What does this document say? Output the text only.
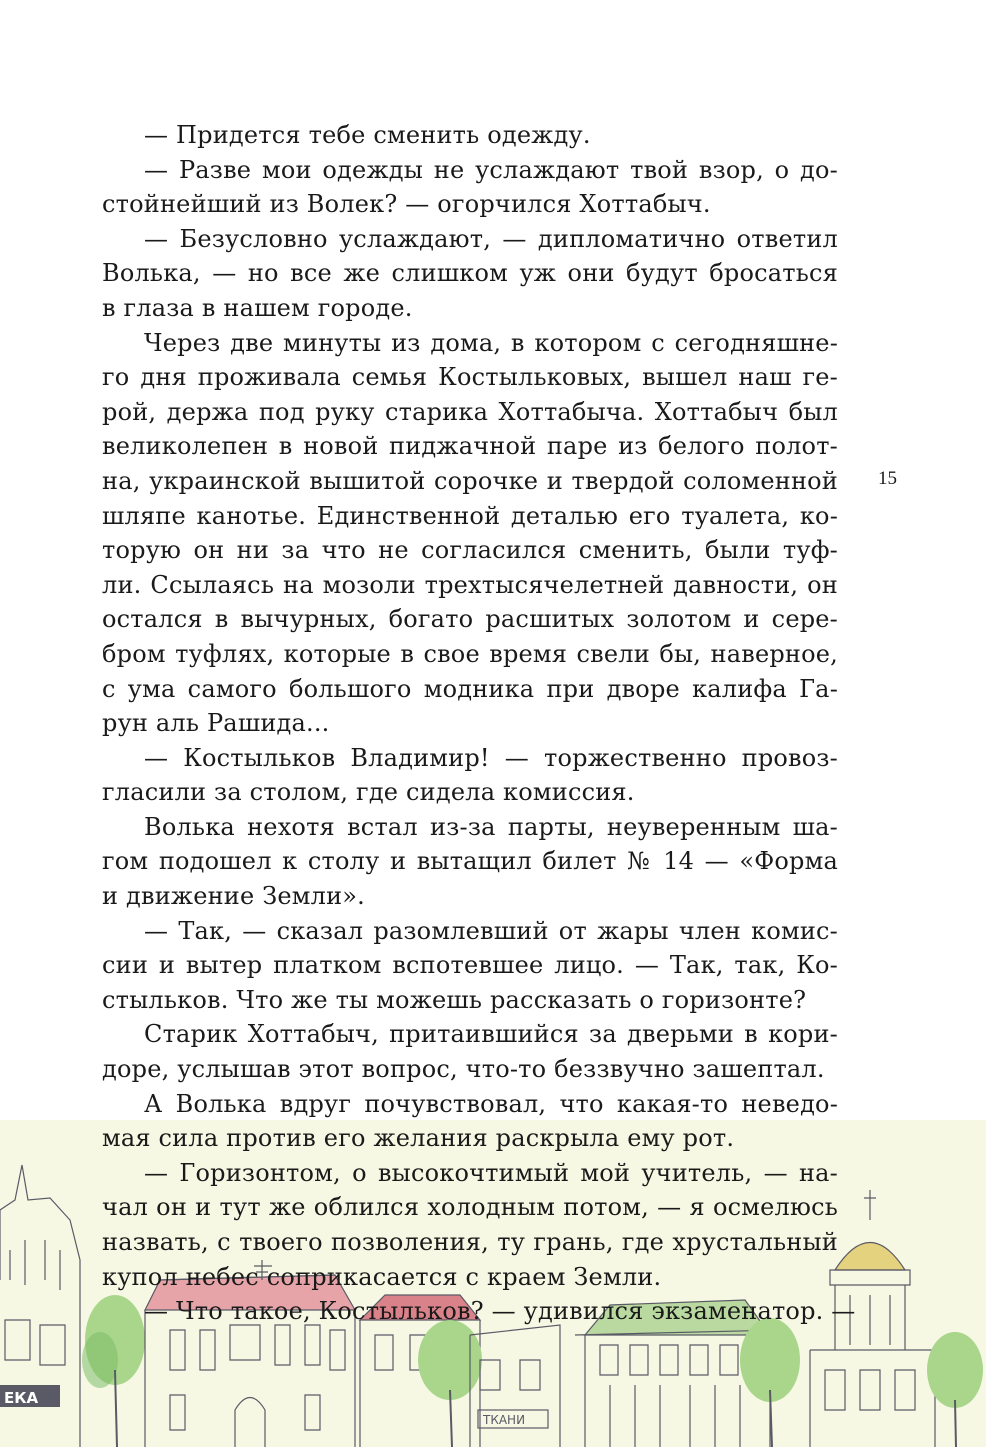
— Придется тебе сменить одежду.
— Разве мои одежды не услаждают твой взор, о до-
стойнейший из Волек? — огорчился Хоттабыч.
— Безусловно услаждают, — дипломатично ответил
Волька, — но все же слишком уж они будут бросаться
в глаза в нашем городе.
Через две минуты из дома, в котором с сегодняшне-
го дня проживала семья Костыльковых, вышел наш ге-
рой, держа под руку старика Хоттабыча. Хоттабыч был
великолепен в новой пиджачной паре из белого полот-
на, украинской вышитой сорочке и твердой соломенной
шляпе канотье. Единственной деталью его туалета, ко-
торую он ни за что не согласился сменить, были туф-
ли. Ссылаясь на мозоли трехтысячелетней давности, он
остался в вычурных, богато расшитых золотом и сере-
бром туфлях, которые в свое время свели бы, наверное,
с ума самого большого модника при дворе калифа Га-
рун аль Рашида...
— Костыльков Владимир! — торжественно провоз-
гласили за столом, где сидела комиссия.
Волька нехотя встал из-за парты, неуверенным ша-
гом подошел к столу и вытащил билет № 14 — «Форма
и движение Земли».
— Так, — сказал разомлевший от жары член комис-
сии и вытер платком вспотевшее лицо. — Так, так, Ко-
стыльков. Что же ты можешь рассказать о горизонте?
Старик Хоттабыч, притаившийся за дверьми в кори-
доре, услышав этот вопрос, что-то беззвучно зашептал.
А Волька вдруг почувствовал, что какая-то неведо-
мая сила против его желания раскрыла ему рот.
— Горизонтом, о высокочтимый мой учитель, — на-
чал он и тут же облился холодным потом, — я осмелюсь
назвать, с твоего позволения, ту грань, где хрустальный
купол небес соприкасается с краем Земли.
— Что такое, Костыльков? — удивился экзаменатор. —
15
ЕКА
ТКАНИ
